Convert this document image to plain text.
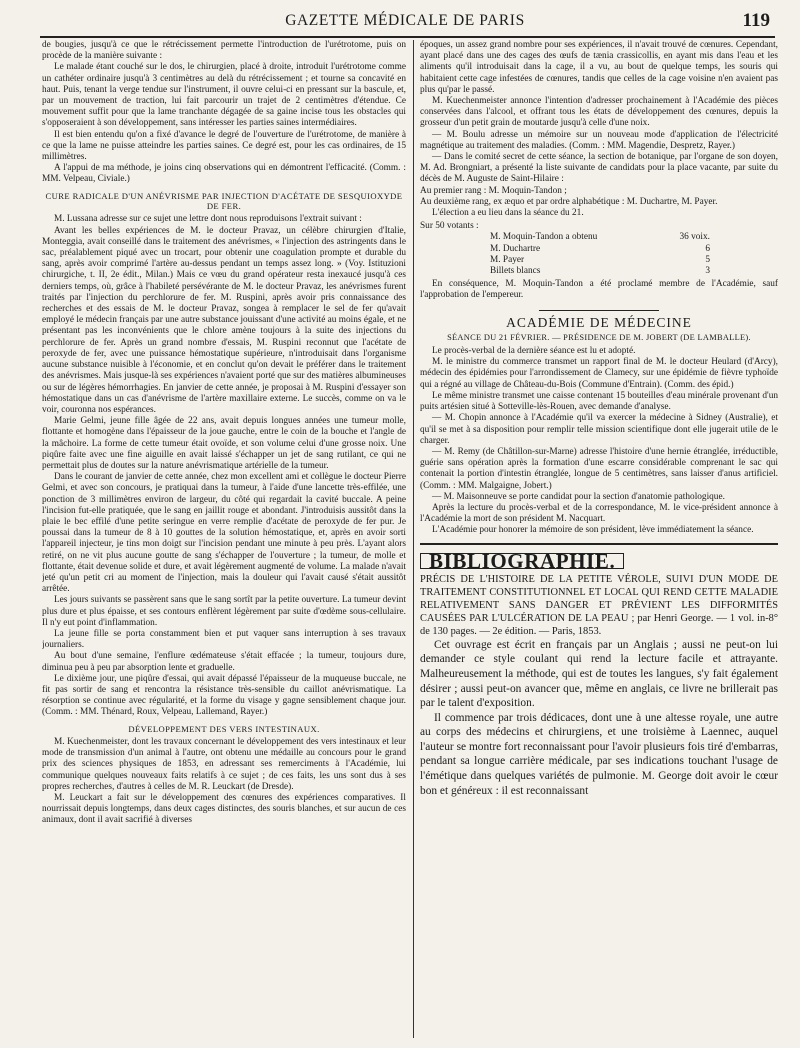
GAZETTE MÉDICALE DE PARIS	119

de bougies, jusqu'à ce que le rétrécissement permette l'introduction de l'urétrotome, puis on procède de la manière suivante :

Le malade étant couché sur le dos, le chirurgien, placé à droite, introduit l'urétrotome comme un cathéter ordinaire jusqu'à 3 centimètres au delà du rétrécissement ; et tourne sa concavité en haut. Puis, tenant la verge tendue sur l'instrument, il ouvre celui-ci en pressant sur la bascule, et, par un mouvement de traction, lui fait parcourir un trajet de 2 centimètres d'étendue. Ce mouvement suffit pour que la lame tranchante dégagée de sa gaine incise tous les obstacles qui s'opposeraient à son développement, sans intéresser les parties saines intermédiaires.

Il est bien entendu qu'on a fixé d'avance le degré de l'ouverture de l'urétrotome, de manière à ce que la lame ne puisse atteindre les parties saines. Ce degré est, pour les cas ordinaires, de 15 millimètres.

A l'appui de ma méthode, je joins cinq observations qui en démontrent l'efficacité. (Comm. : MM. Velpeau, Civiale.)

CURE RADICALE D'UN ANÉVRISME PAR INJECTION D'ACÉTATE DE SESQUIOXYDE DE FER.

M. Lussana adresse sur ce sujet une lettre dont nous reproduisons l'extrait suivant :

Avant les belles expériences de M. le docteur Pravaz, un célèbre chirurgien d'Italie, Monteggia, avait conseillé dans le traitement des anévrismes, « l'injection des astringents dans le sac, préalablement piqué avec un trocart, pour obtenir une coagulation prompte et durable du sang, après avoir comprimé l'artère au-dessus pendant un temps assez long. » (Voy. Istituzioni chirurgiche, t. II, 2e édit., Milan.) Mais ce vœu du grand opérateur resta inexaucé jusqu'à ces derniers temps, où, grâce à l'habileté persévérante de M. le docteur Pravaz, les anévrismes furent traités par l'injection du perchlorure de fer. M. Ruspini, après avoir pris connaissance des recherches et des essais de M. le docteur Pravaz, songea à remplacer le sel de fer qu'avait employé le médecin français par une autre substance jouissant d'une activité au moins égale, et ne présentant pas les inconvénients que le chlore amène toujours à la suite des injections du perchlorure de fer. Après un grand nombre d'essais, M. Ruspini reconnut que l'acétate de peroxyde de fer, avec une puissance hémostatique supérieure, n'introduisait dans l'organisme aucune substance nuisible à l'économie, et en conclut qu'on devait le préférer dans le traitement des anévrismes. Mais jusque-là ses expériences n'avaient porté que sur des matières albumineuses ou sur de légères hémorrhagies. En janvier de cette année, je proposai à M. Ruspini d'essayer son hémostatique dans un cas d'anévrisme de l'artère maxillaire externe. Le succès, comme on va le voir, couronna nos espérances.

Marie Gelmi, jeune fille âgée de 22 ans, avait depuis longues années une tumeur molle, flottante et homogène dans l'épaisseur de la joue gauche, entre le coin de la bouche et l'angle de la mâchoire. La forme de cette tumeur était ovoïde, et son volume celui d'une grosse noix. Une piqûre faite avec une fine aiguille en avait laissé s'échapper un jet de sang rutilant, ce qui ne permettait plus de doutes sur la nature anévrismatique artérielle de la tumeur.

Dans le courant de janvier de cette année, chez mon excellent ami et collègue le docteur Pierre Gelmi, et avec son concours, je pratiquai dans la tumeur, à l'aide d'une lancette très-effilée, une ponction de 3 millimètres environ de largeur, du côté qui regardait la cavité buccale. A peine l'incision fut-elle pratiquée, que le sang en jaillit rouge et abondant. J'introduisis aussitôt dans la plaie le bec effilé d'une petite seringue en verre remplie d'acétate de peroxyde de fer pur. Je poussai dans la tumeur de 8 à 10 gouttes de la solution hémostatique, et, après en avoir sorti l'appareil injecteur, je tins mon doigt sur l'incision pendant une minute à peu près. L'ayant alors retiré, on ne vit plus aucune goutte de sang s'échapper de l'ouverture ; la tumeur, de molle et flottante, était devenue solide et dure, et avait légèrement augmenté de volume. La malade n'avait jeté qu'un petit cri au moment de l'injection, mais la douleur qui l'avait causé s'était aussitôt arrêtée.

Les jours suivants se passèrent sans que le sang sortît par la petite ouverture. La tumeur devint plus dure et plus épaisse, et ses contours enflèrent légèrement par suite d'œdème sous-cellulaire. Il n'y eut point d'inflammation.

La jeune fille se porta constamment bien et put vaquer sans interruption à ses travaux journaliers.

Au bout d'une semaine, l'enflure œdémateuse s'était effacée ; la tumeur, toujours dure, diminua peu à peu par absorption lente et graduelle.

Le dixième jour, une piqûre d'essai, qui avait dépassé l'épaisseur de la muqueuse buccale, ne fit pas sortir de sang et rencontra la résistance très-sensible du caillot anévrismatique. La résorption se continue avec régularité, et la forme du visage y gagne sensiblement chaque jour. (Comm. : MM. Thénard, Roux, Velpeau, Lallemand, Rayer.)

DÉVELOPPEMENT DES VERS INTESTINAUX.

M. Kuechenmeister, dont les travaux concernant le développement des vers intestinaux et leur mode de transmission d'un animal à l'autre, ont obtenu une médaille au concours pour le grand prix des sciences physiques de 1853, en adressant ses remerciments à l'Académie, lui communique quelques nouveaux faits relatifs à ce sujet ; de ces faits, les uns sont dus à ses propres recherches, d'autres à celles de M. R. Leuckart (de Dresde).

M. Leuckart a fait sur le développement des cœnures des expériences comparatives. Il nourrissait depuis longtemps, dans deux cages distinctes, des souris blanches, et sur aucun de ces animaux, dont il avait sacrifié à diverses

époques, un assez grand nombre pour ses expériences, il n'avait trouvé de cœnures. Cependant, ayant placé dans une des cages des œufs de tænia crassicollis, en ayant mis dans l'eau et les aliments qu'il introduisait dans la cage, il a vu, au bout de quelque temps, les souris qui habitaient cette cage infestées de cœnures, tandis que celles de la cage voisine n'en avaient pas plus qu'par le passé.

M. Kuechenmeister annonce l'intention d'adresser prochainement à l'Académie des pièces conservées dans l'alcool, et offrant tous les états de développement des cœnures, depuis la grosseur d'un petit grain de moutarde jusqu'à celle d'une noix.

— M. Boulu adresse un mémoire sur un nouveau mode d'application de l'électricité magnétique au traitement des maladies. (Comm. : MM. Magendie, Despretz, Rayer.)

— Dans le comité secret de cette séance, la section de botanique, par l'organe de son doyen, M. Ad. Brongniart, a présenté la liste suivante de candidats pour la place vacante, par suite du décès de M. Auguste de Saint-Hilaire :

Au premier rang : M. Moquin-Tandon ;

Au deuxième rang, ex æquo et par ordre alphabétique : M. Duchartre, M. Payer.

L'élection a eu lieu dans la séance du 21.

Sur 50 votants :

M. Moquin-Tandon a obtenu	36 voix.
M. Duchartre	6
M. Payer	5
Billets blancs	3

En conséquence, M. Moquin-Tandon a été proclamé membre de l'Académie, sauf l'approbation de l'empereur.

ACADÉMIE DE MÉDECINE
SÉANCE DU 21 FÉVRIER. — PRÉSIDENCE DE M. JOBERT (DE LAMBALLE).

Le procès-verbal de la dernière séance est lu et adopté.

M. le ministre du commerce transmet un rapport final de M. le docteur Heulard (d'Arcy), médecin des épidémies pour l'arrondissement de Clamecy, sur une épidémie de fièvre typhoïde qui a régné au village de Château-du-Bois (Commune d'Entrain). (Comm. des épid.)

Le même ministre transmet une caisse contenant 15 bouteilles d'eau minérale provenant d'un puits artésien situé à Sotteville-lès-Rouen, avec demande d'analyse.

— M. Chopin annonce à l'Académie qu'il va exercer la médecine à Sidney (Australie), et qu'il se met à sa disposition pour remplir telle mission scientifique dont elle jugerait utile de le charger.

— M. Remy (de Châtillon-sur-Marne) adresse l'histoire d'une hernie étranglée, irréductible, guérie sans opération après la formation d'une escarre considérable comprenant le sac qui contenait la portion d'intestin étranglée, longue de 5 centimètres, sans laisser d'anus artificiel. (Comm. : MM. Malgaigne, Jobert.)

— M. Maisonneuve se porte candidat pour la section d'anatomie pathologique.

Après la lecture du procès-verbal et de la correspondance, M. le vice-président annonce à l'Académie la mort de son président M. Nacquart.

L'Académie pour honorer la mémoire de son président, lève immédiatement la séance.

BIBLIOGRAPHIE.

PRÉCIS DE L'HISTOIRE DE LA PETITE VÉROLE, SUIVI D'UN MODE DE TRAITEMENT CONSTITUTIONNEL ET LOCAL QUI REND CETTE MALADIE RELATIVEMENT SANS DANGER ET PRÉVIENT LES DIFFORMITÉS CAUSÉES PAR L'ULCÉRATION DE LA PEAU ; par Henri George. — 1 vol. in-8° de 130 pages. — 2e édition. — Paris, 1853.

Cet ouvrage est écrit en français par un Anglais ; aussi ne peut-on lui demander ce style coulant qui rend la lecture facile et attrayante. Malheureusement la méthode, qui est de toutes les langues, s'y fait également désirer ; aussi peut-on avancer que, même en anglais, ce livre ne brillerait pas par le talent d'exposition.

Il commence par trois dédicaces, dont une à une altesse royale, une autre au corps des médecins et chirurgiens, et une troisième à Laennec, auquel l'auteur se montre fort reconnaissant pour l'avoir plusieurs fois tiré d'embarras, pendant sa longue carrière médicale, par ses indications touchant l'usage de l'émétique dans quelques variétés de pulmonie. M. George doit avoir le cœur bon et généreux : il est reconnaissant
